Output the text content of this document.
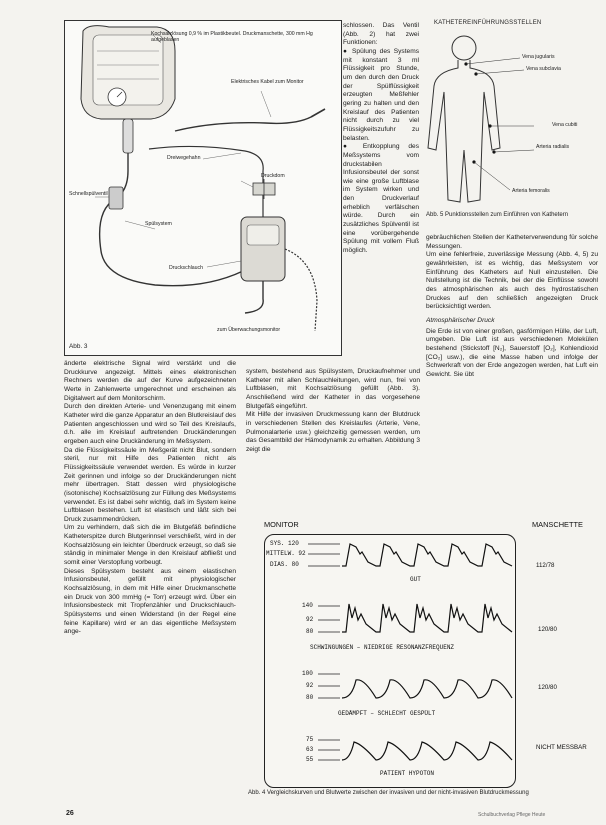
Kochsalzlösung 0,9 % im Plastikbeutel. Druckmanschette, 300 mm Hg aufgeblasen
Elektrisches Kabel zum Monitor
Dreiwegehahn
Schnellspülventil
Druckdom
Spülsystem
Druckschlauch
zum Überwachungsmonitor
Abb. 3

schlossen. Das Ventil (Abb. 2) hat zwei Funktionen:

● Spülung des Systems mit konstant 3 ml Flüssigkeit pro Stunde, um den durch den Druck der Spülflüssigkeit erzeugten Meßfehler gering zu halten und den Kreislauf des Patienten nicht durch zu viel Flüssigkeitszufuhr zu belasten.

● Entkopplung des Meßsystems vom druckstabilen Infusionsbeutel der sonst wie eine große Luftblase im System wirken und den Druckverlauf erheblich verfälschen würde. Durch ein zusätzliches Spülventil ist eine vorübergehende Spülung mit vollem Fluß möglich.

KATHETEREINFÜHRUNGSSTELLEN
Vena jugularis
Vena subclavia
Vena cubiti
Arteria radialis
Arteria femoralis
Abb. 5 Punktionsstellen zum Einführen von Kathetern

gebräuchlichen Stellen der Katheterverwendung für solche Messungen.

Um eine fehlerfreie, zuverlässige Messung (Abb. 4, 5) zu gewährleisten, ist es wichtig, das Meßsystem vor Einführung des Katheters auf Null einzustellen. Die Nullstellung ist die Technik, bei der die Einflüsse sowohl des atmosphärischen als auch des hydrostatischen Druckes auf den schließlich angezeigten Druck berücksichtigt werden.

Atmosphärischer Druck

Die Erde ist von einer großen, gasförmigen Hülle, der Luft, umgeben. Die Luft ist aus verschiedenen Molekülen bestehend (Stickstoff [N₂], Sauerstoff [O₂], Kohlendioxid [CO₂] usw.), die eine Masse haben und infolge der Schwerkraft von der Erde angezogen werden, hat Luft ein Gewicht. Sie übt

änderte elektrische Signal wird verstärkt und die Druckkurve angezeigt. Mittels eines elektronischen Rechners werden die auf der Kurve aufgezeichneten Werte in Zahlenwerte umgerechnet und erscheinen als Digitalwert auf dem Monitorschirm.

Durch den direkten Arterie- und Venenzugang mit einem Katheter wird die ganze Apparatur an den Blutkreislauf des Patienten angeschlossen und wird so Teil des Kreislaufs, d.h. alle im Kreislauf auftretenden Druckänderungen ergeben auch eine Druckänderung im Meßsystem.

Da die Flüssigkeitssäule im Meßgerät nicht Blut, sondern steril, nur mit Hilfe des Patienten nicht als Flüssigkeitssäule verwendet werden. Es würde in kurzer Zeit gerinnen und infolge so der Druckänderungen nicht mehr übertragen. Statt dessen wird physiologische (isotonische) Kochsalzlösung zur Füllung des Meßsystems verwendet. Es ist dabei sehr wichtig, daß im System keine Luftblasen bestehen. Luft ist elastisch und läßt sich bei Druck zusammendrücken.

Um zu verhindern, daß sich die im Blutgefäß befindliche Katheterspitze durch Blutgerinnsel verschließt, wird in der Kochsalzlösung ein leichter Überdruck erzeugt, so daß sie ständig in minimaler Menge in den Kreislauf abfließt und somit einer Verstopfung vorbeugt.

Dieses Spülsystem besteht aus einem elastischen Infusionsbeutel, gefüllt mit physiologischer Kochsalzlösung, in dem mit Hilfe einer Druckmanschette ein Druck von 300 mmHg (= Torr) erzeugt wird. Über ein Infusionsbesteck mit Tropfenzähler und Druckschlauch-Spülsystems und einen Widerstand (in der Regel eine feine Kapillare) wird er an das eigentliche Meßsystem ange-

system, bestehend aus Spülsystem, Druckaufnehmer und Katheter mit allen Schlauchleitungen, wird nun, frei von Luftblasen, mit Kochsalzlösung gefüllt (Abb. 3). Anschließend wird der Katheter in das vorgesehene Blutgefäß eingeführt.

Mit Hilfe der invasiven Druckmessung kann der Blutdruck in verschiedenen Stellen des Kreislaufes (Arterie, Vene, Pulmonalarterie usw.) gleichzeitig gemessen werden, um das Gesamtbild der Hämodynamik zu erhalten. Abbildung 3 zeigt die

MONITOR	MANSCHETTE
SYS. 120
MITTELW. 92
DIAS. 80
GUT
112/78
140
92
80
SCHWINGUNGEN – NIEDRIGE RESONANZFREQUENZ
120/80
100
92
80
GEDÄMPFT – SCHLECHT GESPÜLT
120/80
75
63
55
PATIENT HYPOTON
NICHT MESSBAR
Abb. 4 Vergleichskurven und Blutwerte zwischen der invasiven und der nicht-invasiven Blutdruckmessung
26	Schulbuchverlag Pflege Heute
